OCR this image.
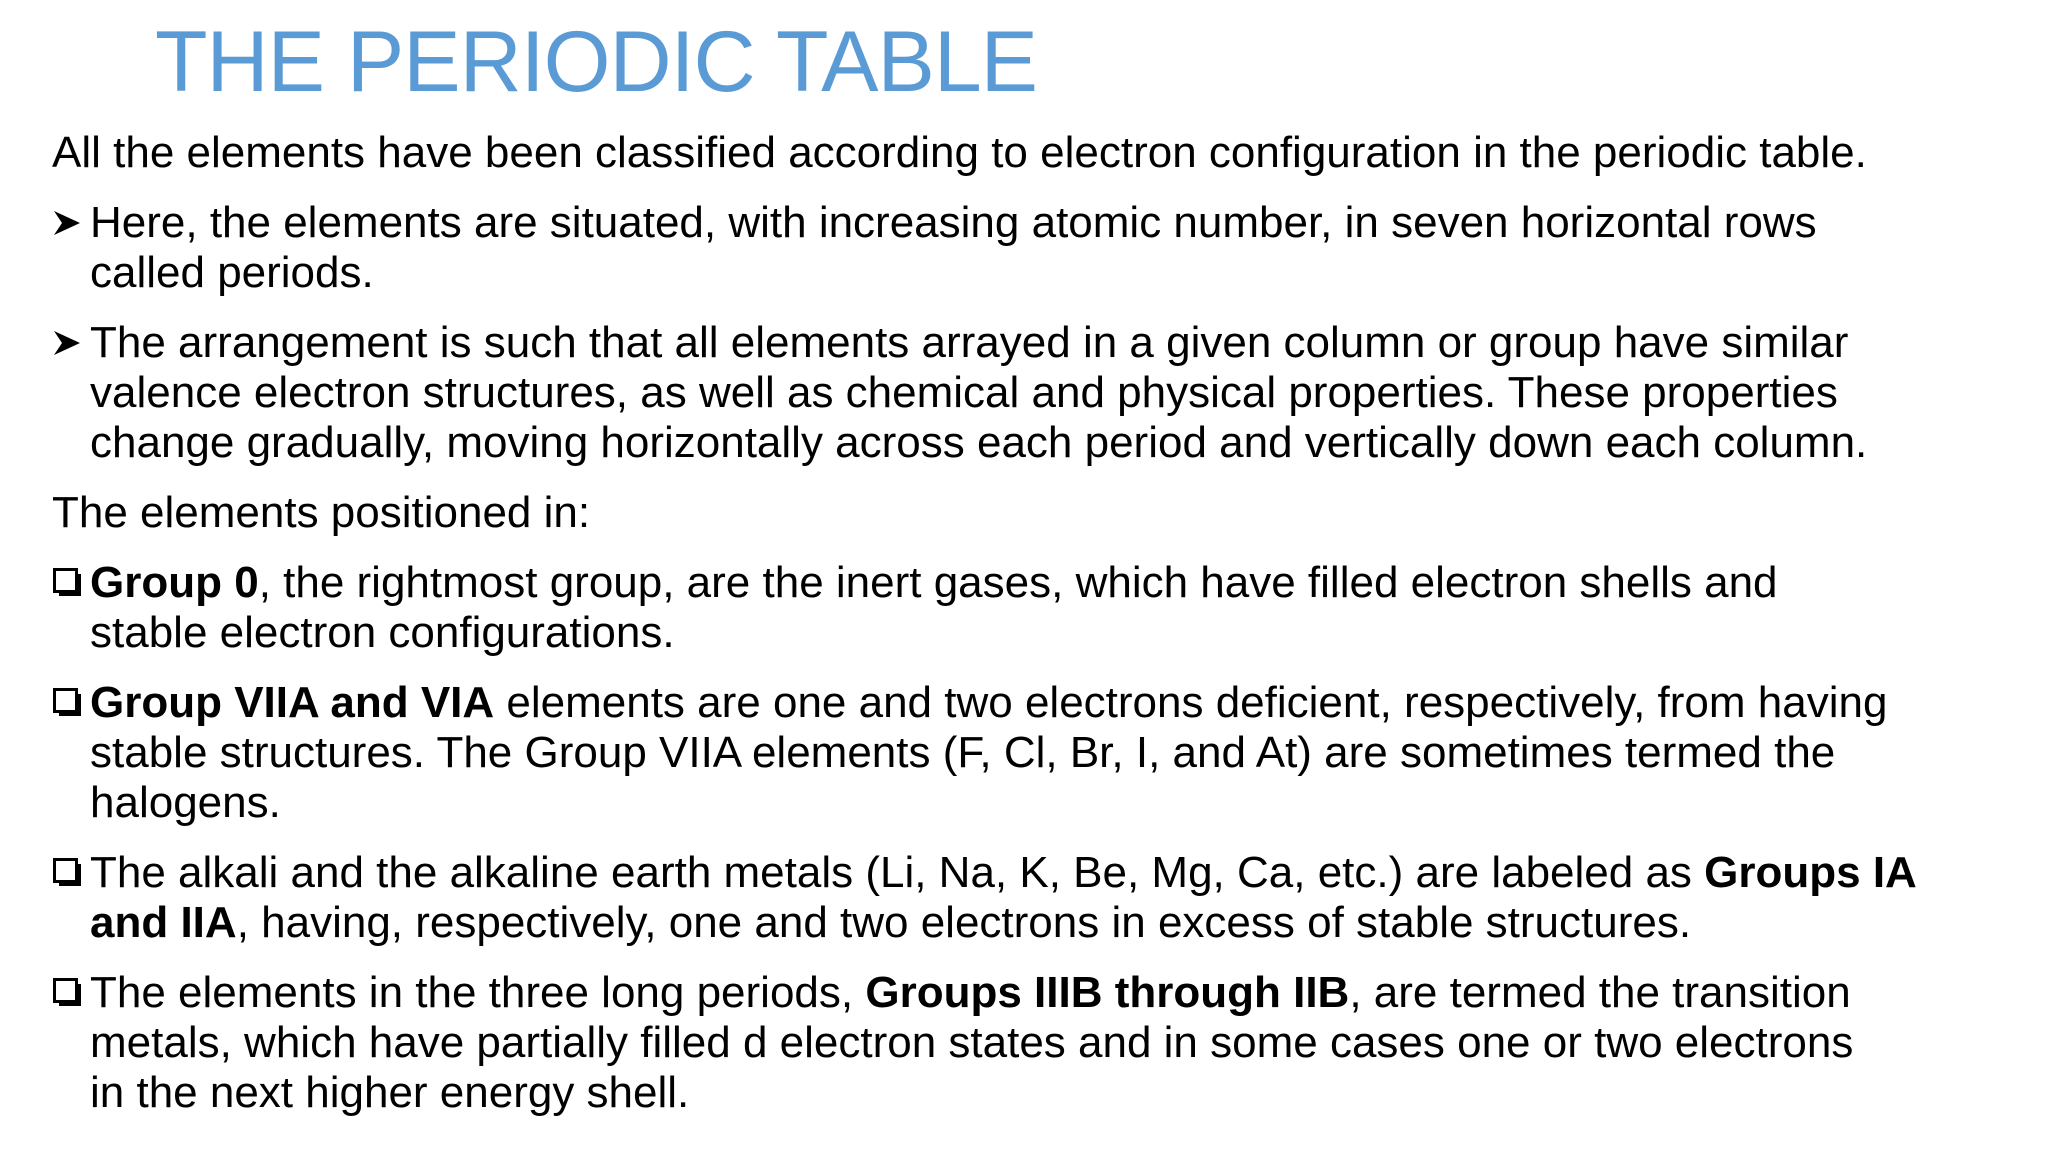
THE PERIODIC TABLE
All the elements have been classified according to electron configuration in the periodic table.
Here, the elements are situated, with increasing atomic number, in seven horizontal rows
called periods.
The arrangement is such that all elements arrayed in a given column or group have similar
valence electron structures, as well as chemical and physical properties. These properties
change gradually, moving horizontally across each period and vertically down each column.
The elements positioned in:
Group 0, the rightmost group, are the inert gases, which have filled electron shells and
stable electron configurations.
Group VIIA and VIA elements are one and two electrons deficient, respectively, from having
stable structures. The Group VIIA elements (F, Cl, Br, I, and At) are sometimes termed the
halogens.
The alkali and the alkaline earth metals (Li, Na, K, Be, Mg, Ca, etc.) are labeled as Groups IA
and IIA, having, respectively, one and two electrons in excess of stable structures.
The elements in the three long periods, Groups IIIB through IIB, are termed the transition
metals, which have partially filled d electron states and in some cases one or two electrons
in the next higher energy shell.
